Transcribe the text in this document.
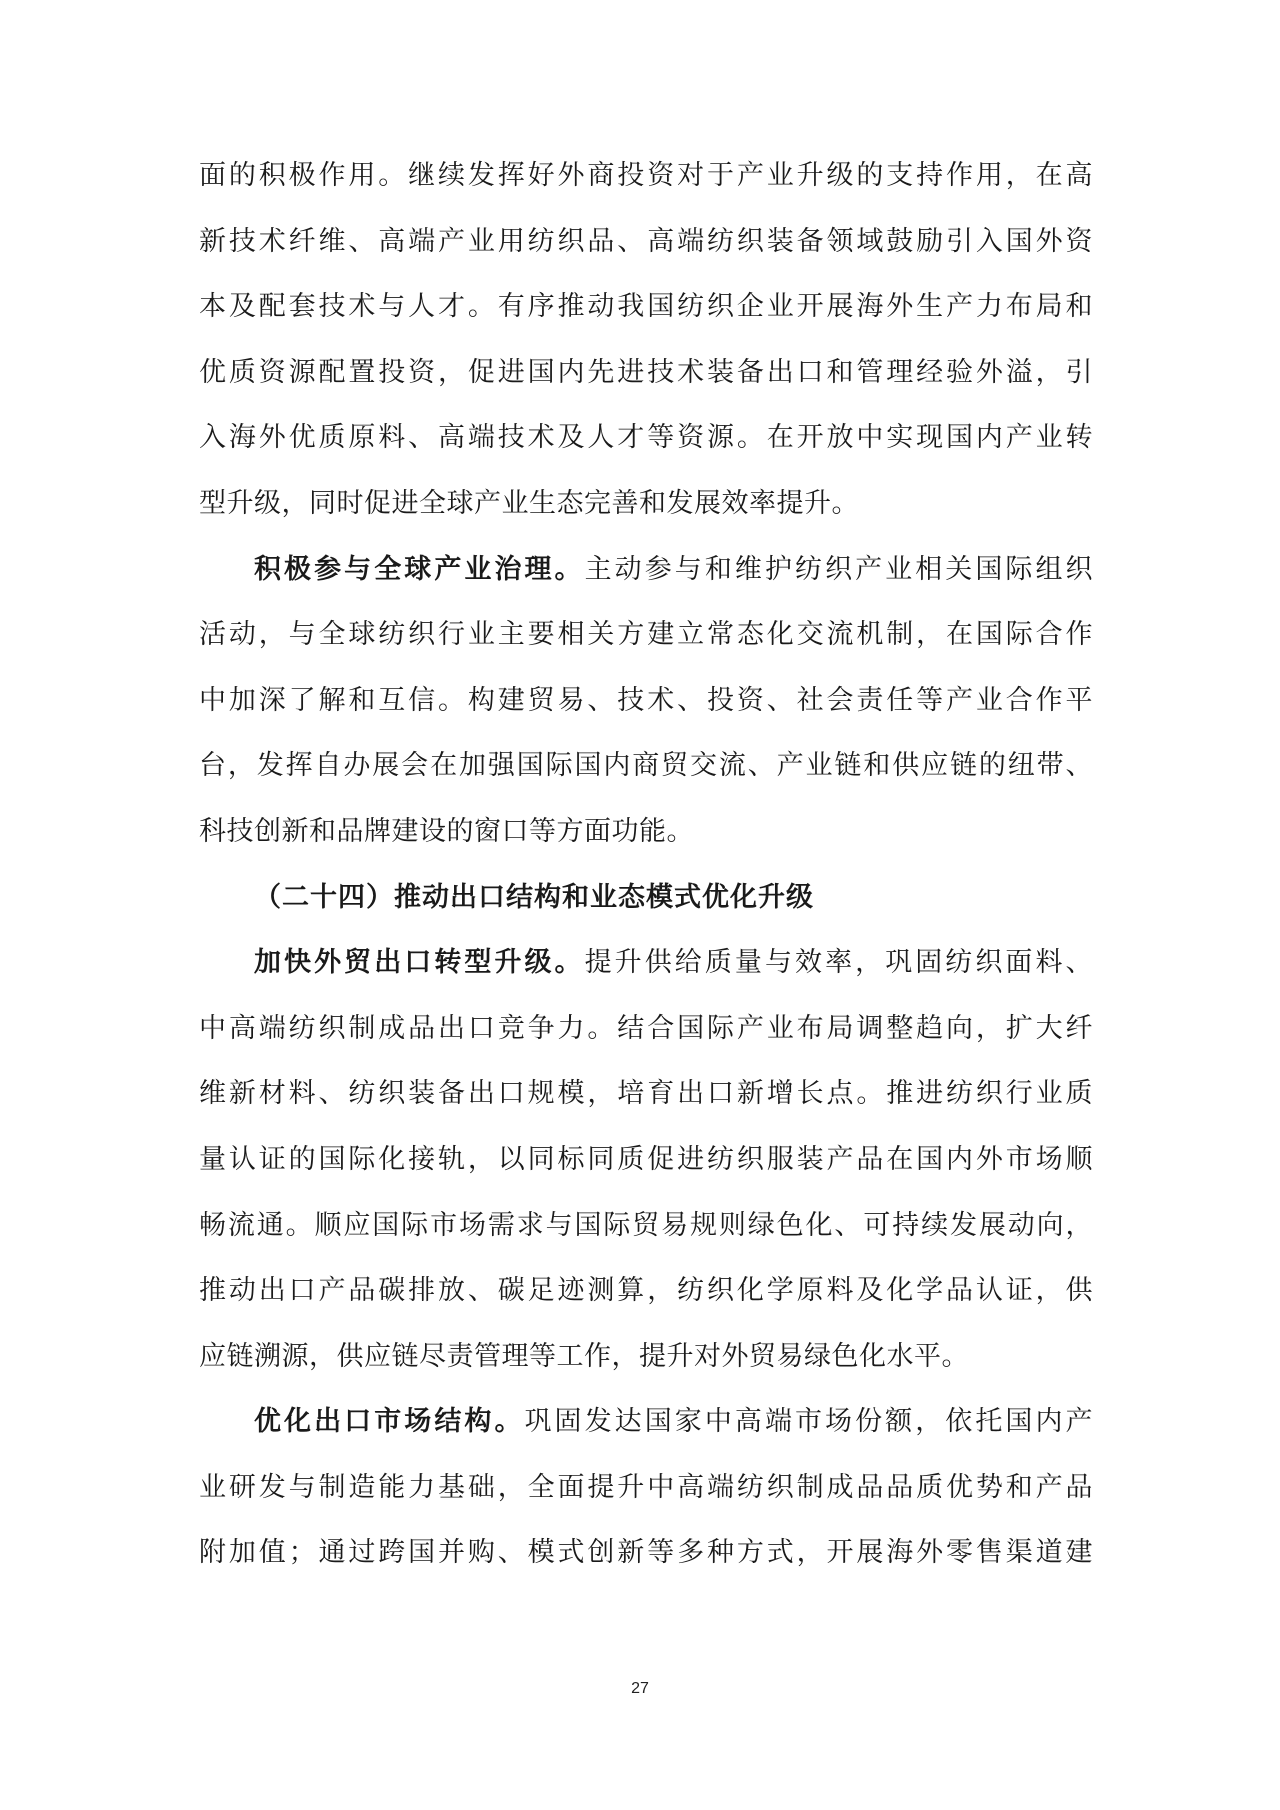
面的积极作用。继续发挥好外商投资对于产业升级的支持作用，在高
新技术纤维、高端产业用纺织品、高端纺织装备领域鼓励引入国外资
本及配套技术与人才。有序推动我国纺织企业开展海外生产力布局和
优质资源配置投资，促进国内先进技术装备出口和管理经验外溢，引
入海外优质原料、高端技术及人才等资源。在开放中实现国内产业转
型升级，同时促进全球产业生态完善和发展效率提升。
积极参与全球产业治理。主动参与和维护纺织产业相关国际组织
活动，与全球纺织行业主要相关方建立常态化交流机制，在国际合作
中加深了解和互信。构建贸易、技术、投资、社会责任等产业合作平
台，发挥自办展会在加强国际国内商贸交流、产业链和供应链的纽带、
科技创新和品牌建设的窗口等方面功能。
（二十四）推动出口结构和业态模式优化升级
加快外贸出口转型升级。提升供给质量与效率，巩固纺织面料、
中高端纺织制成品出口竞争力。结合国际产业布局调整趋向，扩大纤
维新材料、纺织装备出口规模，培育出口新增长点。推进纺织行业质
量认证的国际化接轨，以同标同质促进纺织服装产品在国内外市场顺
畅流通。顺应国际市场需求与国际贸易规则绿色化、可持续发展动向，
推动出口产品碳排放、碳足迹测算，纺织化学原料及化学品认证，供
应链溯源，供应链尽责管理等工作，提升对外贸易绿色化水平。
优化出口市场结构。巩固发达国家中高端市场份额，依托国内产
业研发与制造能力基础，全面提升中高端纺织制成品品质优势和产品
附加值；通过跨国并购、模式创新等多种方式，开展海外零售渠道建
27
